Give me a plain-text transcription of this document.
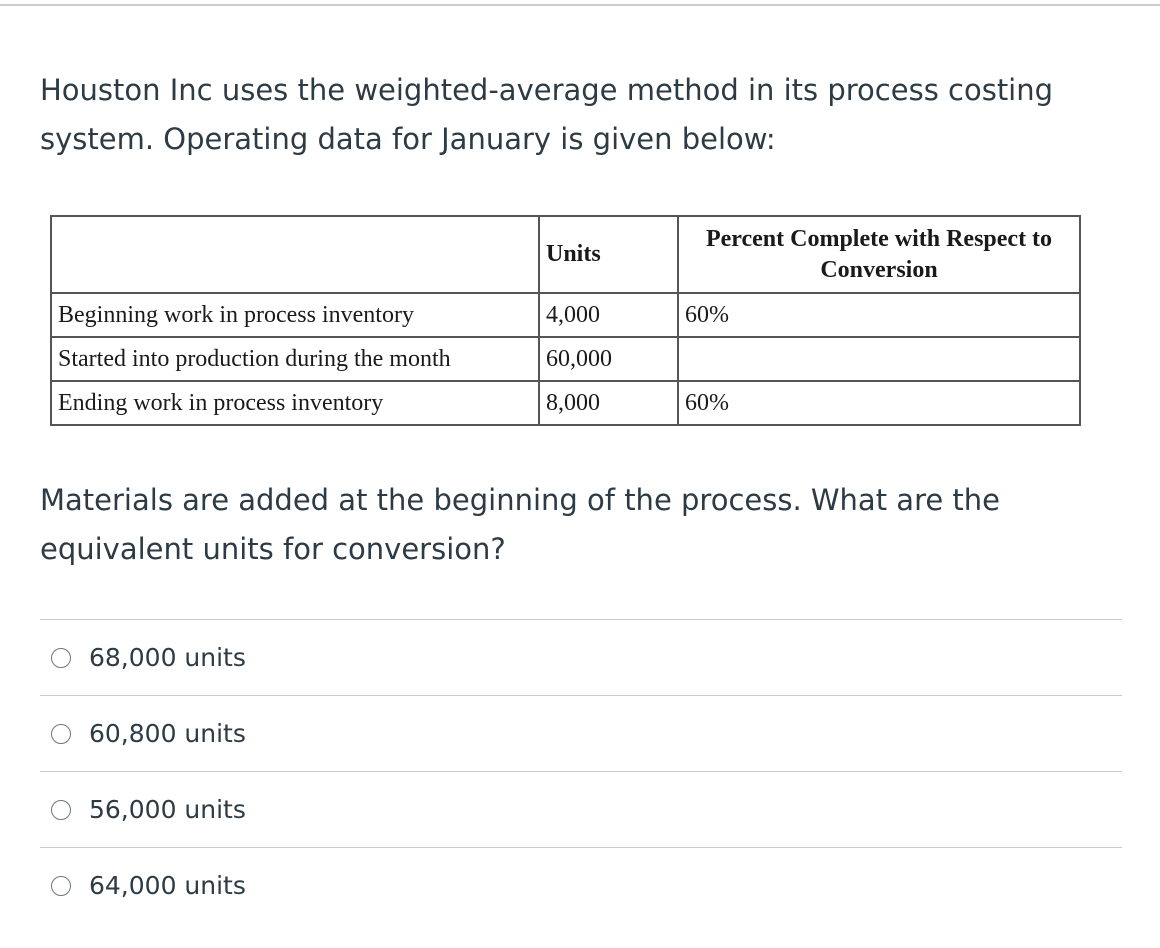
Houston Inc uses the weighted-average method in its process costing system. Operating data for January is given below:

	Units	Percent Complete with Respect to Conversion
Beginning work in process inventory	4,000	60%
Started into production during the month	60,000	
Ending work in process inventory	8,000	60%

Materials are added at the beginning of the process. What are the equivalent units for conversion?

68,000 units
60,800 units
56,000 units
64,000 units
